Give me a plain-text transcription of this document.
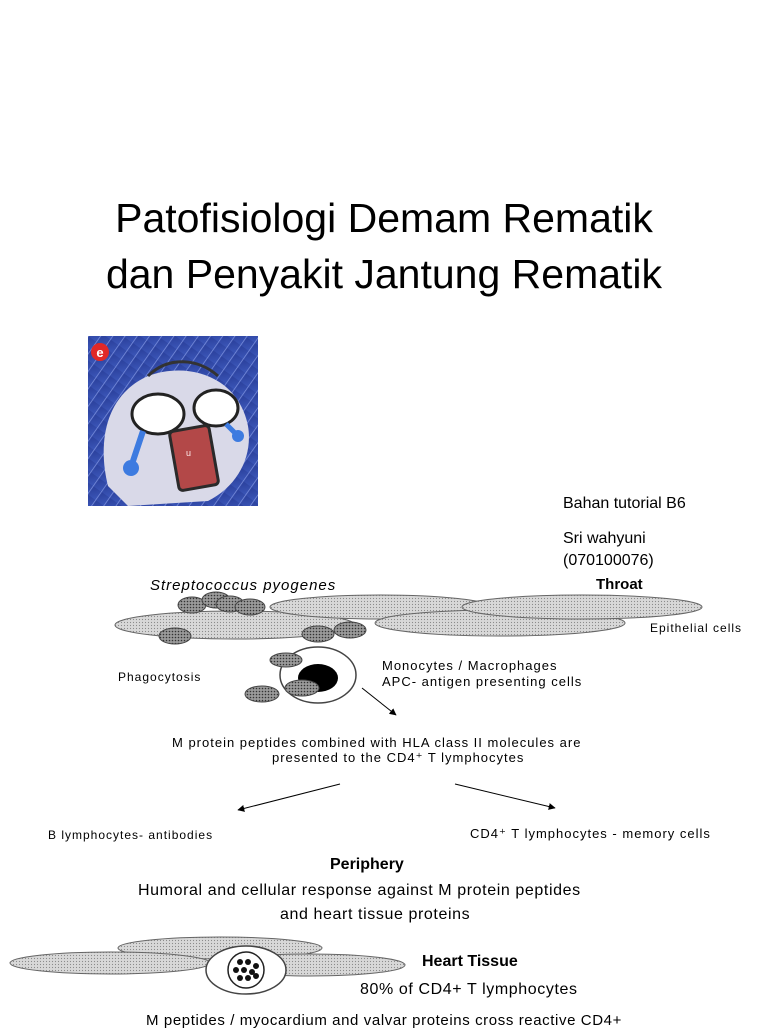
Patofisiologi Demam Rematik
dan Penyakit Jantung Rematik
e
u
Bahan tutorial B6
Sri wahyuni
(070100076)
Streptococcus pyogenes	Throat
Epithelial cells
Phagocytosis
Monocytes / Macrophages
APC- antigen presenting cells
M protein peptides combined with HLA class II molecules are
presented to the CD4⁺ T lymphocytes
B lymphocytes- antibodies	CD4⁺ T lymphocytes - memory cells
Periphery
Humoral and cellular response against M protein peptides
and heart tissue proteins
Heart Tissue
80% of CD4+ T lymphocytes
M peptides / myocardium and valvar proteins cross reactive CD4+
